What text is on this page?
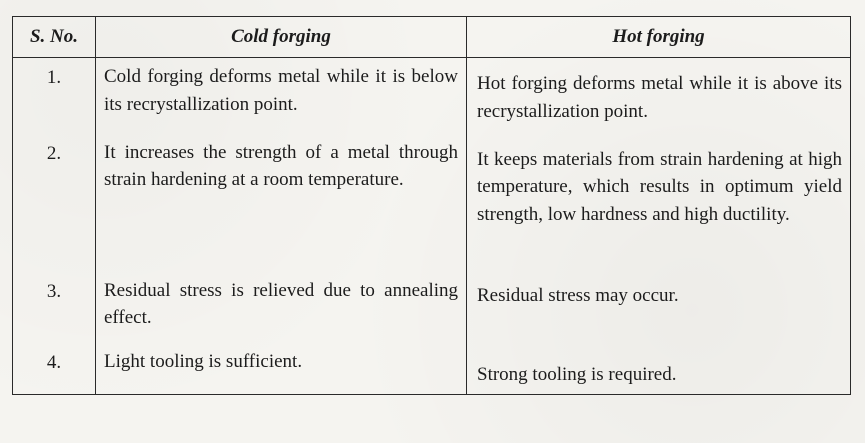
S. No.	Cold forging	Hot forging
1.	Cold forging deforms metal while it is below its recrystallization point.	Hot forging deforms metal while it is above its recrystallization point.
2.	It increases the strength of a metal through strain hardening at a room temperature.	It keeps materials from strain hardening at high temperature, which results in optimum yield strength, low hardness and high ductility.
3.	Residual stress is relieved due to annealing effect.	Residual stress may occur.
4.	Light tooling is sufficient.	Strong tooling is required.
